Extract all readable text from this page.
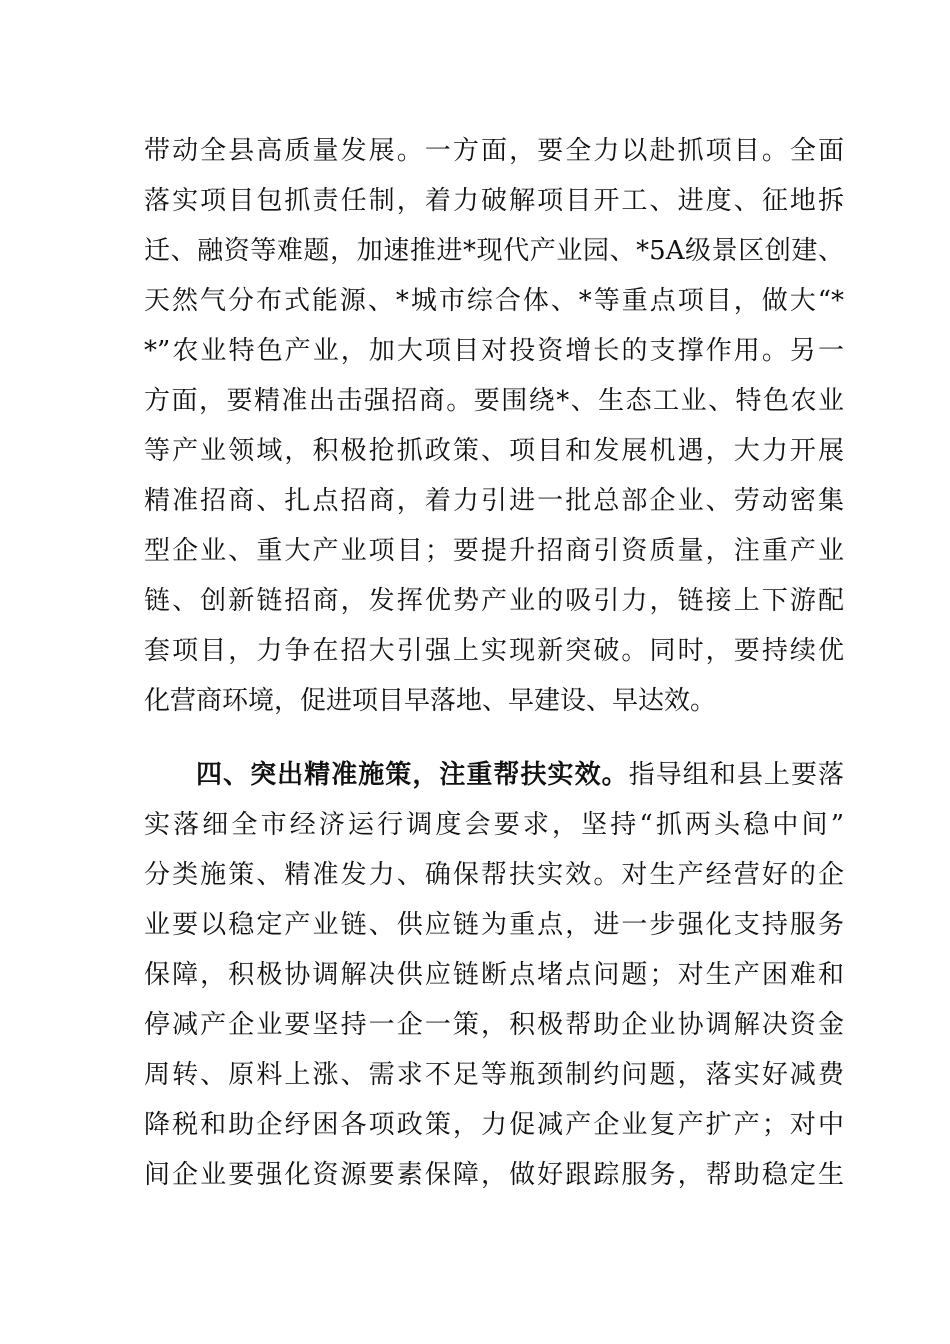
带动全县高质量发展。一方面，要全力以赴抓项目。全面
落实项目包抓责任制，着力破解项目开工、进度、征地拆
迁、融资等难题，加速推进*现代产业园、*5A级景区创建、
天然气分布式能源、*城市综合体、*等重点项目，做大“*
*”农业特色产业，加大项目对投资增长的支撑作用。另一
方面，要精准出击强招商。要围绕*、生态工业、特色农业
等产业领域，积极抢抓政策、项目和发展机遇，大力开展
精准招商、扎点招商，着力引进一批总部企业、劳动密集
型企业、重大产业项目；要提升招商引资质量，注重产业
链、创新链招商，发挥优势产业的吸引力，链接上下游配
套项目，力争在招大引强上实现新突破。同时，要持续优
化营商环境，促进项目早落地、早建设、早达效。
四、突出精准施策，注重帮扶实效。指导组和县上要落
实落细全市经济运行调度会要求，坚持“抓两头稳中间”
分类施策、精准发力、确保帮扶实效。对生产经营好的企
业要以稳定产业链、供应链为重点，进一步强化支持服务
保障，积极协调解决供应链断点堵点问题；对生产困难和
停减产企业要坚持一企一策，积极帮助企业协调解决资金
周转、原料上涨、需求不足等瓶颈制约问题，落实好减费
降税和助企纾困各项政策，力促减产企业复产扩产；对中
间企业要强化资源要素保障，做好跟踪服务，帮助稳定生
